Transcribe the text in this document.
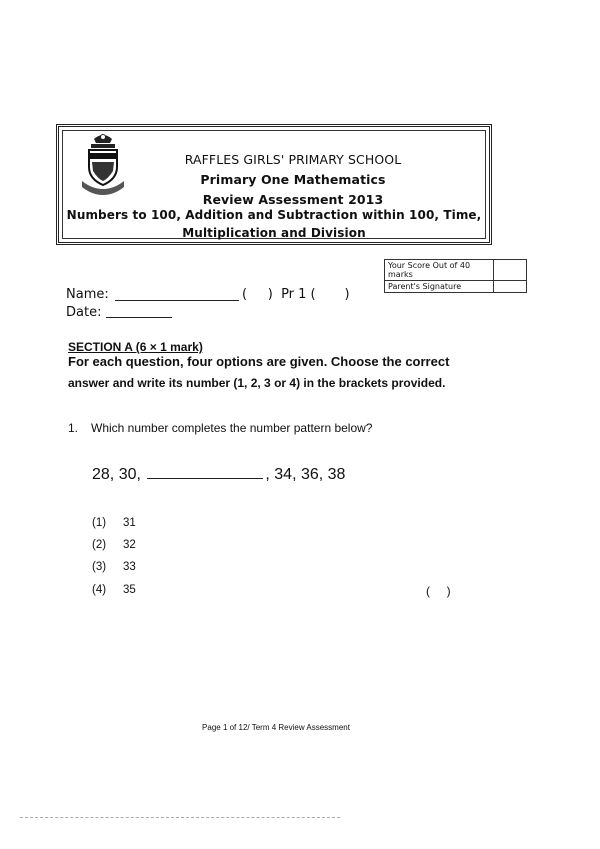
RAFFLES GIRLS' PRIMARY SCHOOL
Primary One Mathematics
Review Assessment 2013
Numbers to 100, Addition and Subtraction within 100, Time,
Multiplication and Division
Your Score Out of 40 marks	
Parent's Signature	
Name:	(     )  Pr 1 (       )
Date:
SECTION A (6 × 1 mark)
For each question, four options are given. Choose the correct
answer and write its number (1, 2, 3 or 4) in the brackets provided.
1. Which number completes the number pattern below?
28, 30,	, 34, 36, 38
(1) 31
(2) 32
(3) 33
(4) 35	(     )
Page 1 of 12/ Term 4 Review Assessment
